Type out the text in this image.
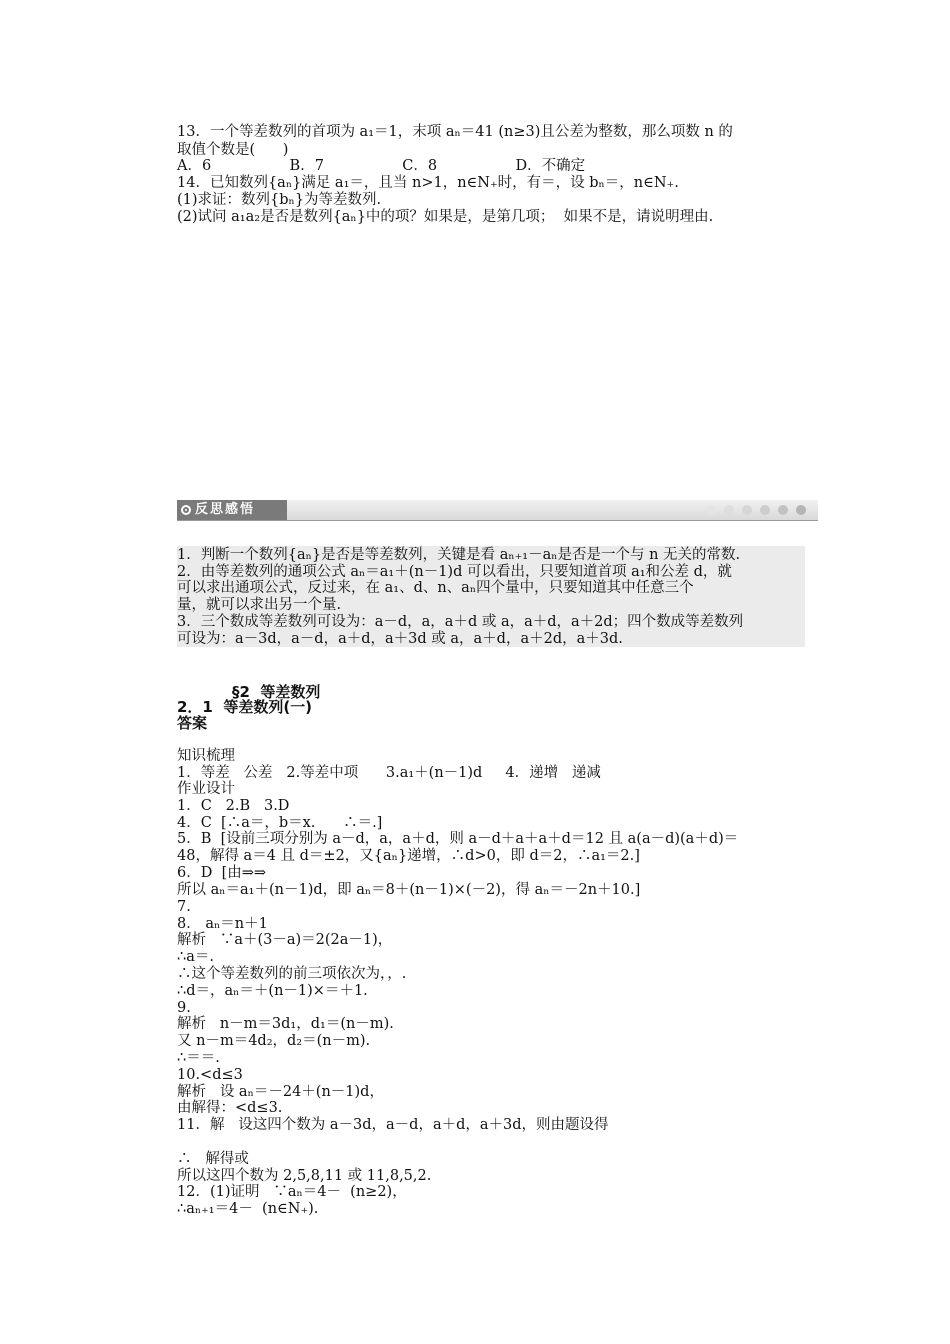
13．一个等差数列的首项为 a₁＝1，末项 aₙ＝41 (n≥3)且公差为整数，那么项数 n 的
取值个数是(      )
A．6                 B．7                 C．8                 D．不确定
14．已知数列{aₙ}满足 a₁＝，且当 n>1，n∈N₊时，有＝，设 bₙ＝，n∈N₊.
(1)求证：数列{bₙ}为等差数列.
(2)试问 a₁a₂是否是数列{aₙ}中的项？如果是，是第几项；  如果不是，请说明理由.
反思感悟
1．判断一个数列{aₙ}是否是等差数列，关键是看 aₙ₊₁－aₙ是否是一个与 n 无关的常数.
2．由等差数列的通项公式 aₙ＝a₁＋(n－1)d 可以看出，只要知道首项 a₁和公差 d，就
可以求出通项公式，反过来，在 a₁、d、n、aₙ四个量中，只要知道其中任意三个
量，就可以求出另一个量.
3．三个数成等差数列可设为：a－d，a，a＋d 或 a，a＋d，a＋2d；四个数成等差数列
可设为：a－3d，a－d，a＋d，a＋3d 或 a，a＋d，a＋2d，a＋3d.
§2  等差数列
2．1  等差数列(一)
答案
知识梳理
1．等差   公差   2.等差中项      3.a₁＋(n－1)d     4．递增   递减
作业设计
1．C   2.B   3.D
4．C  [∴a＝，b＝x.      ∴＝.]
5．B  [设前三项分别为 a－d，a，a＋d，则 a－d＋a＋a＋d＝12 且 a(a－d)(a＋d)＝
48，解得 a＝4 且 d＝±2，又{aₙ}递增，∴d>0，即 d＝2，∴a₁＝2.]
6．D  [由⇒⇒
所以 aₙ＝a₁＋(n－1)d，即 aₙ＝8＋(n－1)×(－2)，得 aₙ＝－2n＋10.]
7.
8． aₙ＝n＋1
解析   ∵a＋(3－a)＝2(2a－1)，
∴a＝.
∴这个等差数列的前三项依次为，，.
∴d＝，aₙ＝＋(n－1)×＝＋1.
9.
解析   n－m＝3d₁，d₁＝(n－m).
又 n－m＝4d₂，d₂＝(n－m).
∴＝＝.
10.<d≤3
解析   设 aₙ＝－24＋(n－1)d，
由解得：<d≤3.
11．解   设这四个数为 a－3d，a－d，a＋d，a＋3d，则由题设得
∴   解得或
所以这四个数为 2,5,8,11 或 11,8,5,2.
12．(1)证明   ∵aₙ＝4－  (n≥2)，
∴aₙ₊₁＝4－  (n∈N₊).
